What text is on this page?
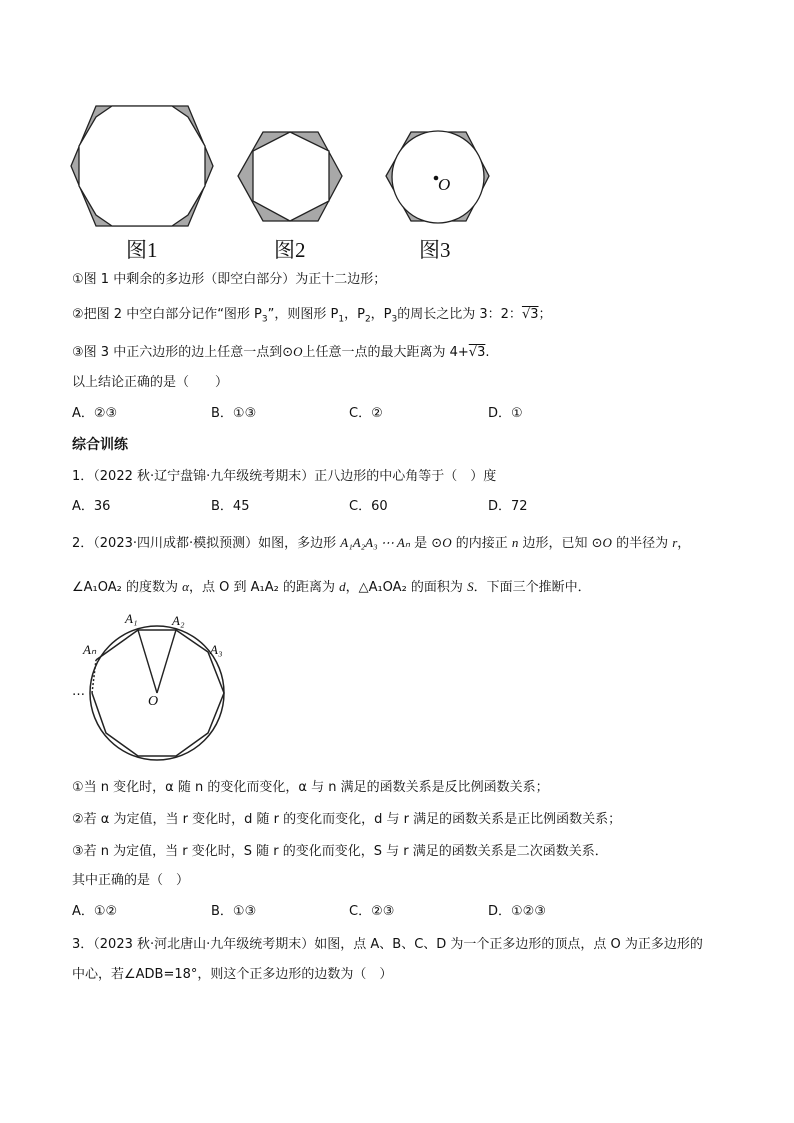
O
图1	图2	图3
①图 1 中剩余的多边形（即空白部分）为正十二边形；
②把图 2 中空白部分记作“图形 $P_3$”，则图形 $P_1$，$P_2$，$P_3$的周长之比为 3：2：√3；
③图 3 中正六边形的边上任意一点到⊙O上任意一点的最大距离为 4+√3.
以上结论正确的是（　　）
A．②③	B．①③	C．②	D．①
综合训练
1．（2022 秋·辽宁盘锦·九年级统考期末）正八边形的中心角等于（　）度
A．36	B．45	C．60	D．72
2．（2023·四川成都·模拟预测）如图，多边形 A₁A₂A₃ ⋯ Aₙ 是 ⊙O 的内接正 n 边形，已知 ⊙O 的半径为 r，
∠A₁OA₂ 的度数为 α，点 O 到 A₁A₂ 的距离为 d，△A₁OA₂ 的面积为 S．下面三个推断中．
A₁	A₂
A₃
Aₙ
O
…
①当 n 变化时，α 随 n 的变化而变化，α 与 n 满足的函数关系是反比例函数关系；
②若 α 为定值，当 r 变化时，d 随 r 的变化而变化，d 与 r 满足的函数关系是正比例函数关系；
③若 n 为定值，当 r 变化时，S 随 r 的变化而变化，S 与 r 满足的函数关系是二次函数关系．
其中正确的是（　）
A．①②	B．①③	C．②③	D．①②③
3．（2023 秋·河北唐山·九年级统考期末）如图，点 A、B、C、D 为一个正多边形的顶点，点 O 为正多边形的
中心，若∠ADB=18°，则这个正多边形的边数为（　）
